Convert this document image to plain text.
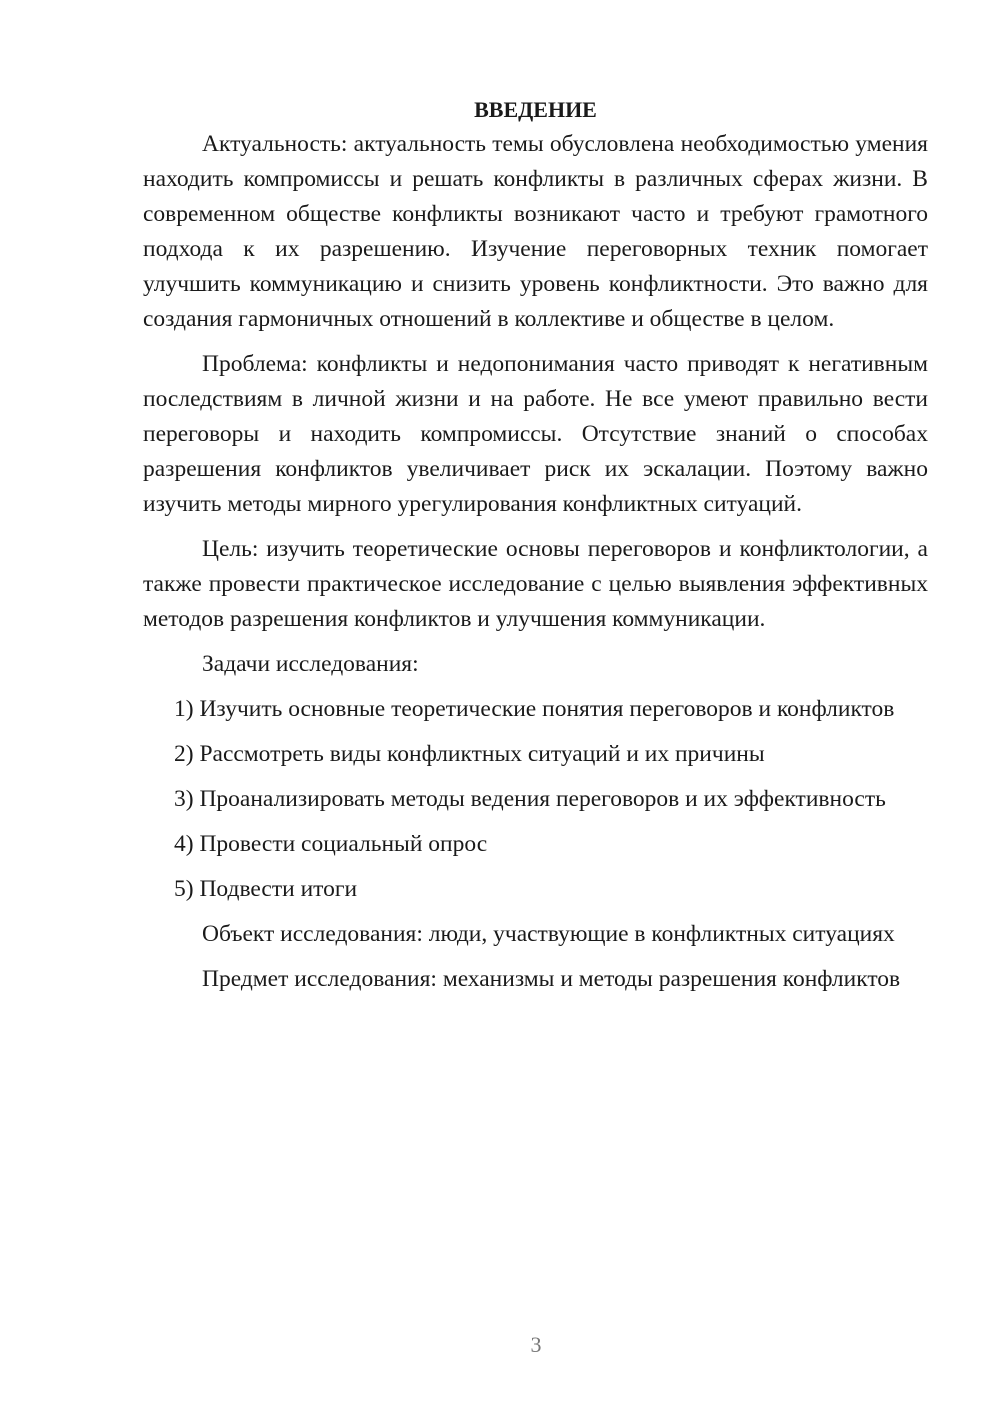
ВВЕДЕНИЕ

Актуальность: актуальность темы обусловлена необходимостью умения находить компромиссы и решать конфликты в различных сферах жизни. В современном обществе конфликты возникают часто и требуют грамотного подхода к их разрешению. Изучение переговорных техник помогает улучшить коммуникацию и снизить уровень конфликтности. Это важно для создания гармоничных отношений в коллективе и обществе в целом.

Проблема: конфликты и недопонимания часто приводят к негативным последствиям в личной жизни и на работе. Не все умеют правильно вести переговоры и находить компромиссы. Отсутствие знаний о способах разрешения конфликтов увеличивает риск их эскалации. Поэтому важно изучить методы мирного урегулирования конфликтных ситуаций.

Цель: изучить теоретические основы переговоров и конфликтологии, а также провести практическое исследование с целью выявления эффективных методов разрешения конфликтов и улучшения коммуникации.

Задачи исследования:

1) Изучить основные теоретические понятия переговоров и конфликтов

2) Рассмотреть виды конфликтных ситуаций и их причины

3) Проанализировать методы ведения переговоров и их эффективность

4) Провести социальный опрос

5) Подвести итоги

Объект исследования: люди, участвующие в конфликтных ситуациях

Предмет исследования: механизмы и методы разрешения конфликтов

3
